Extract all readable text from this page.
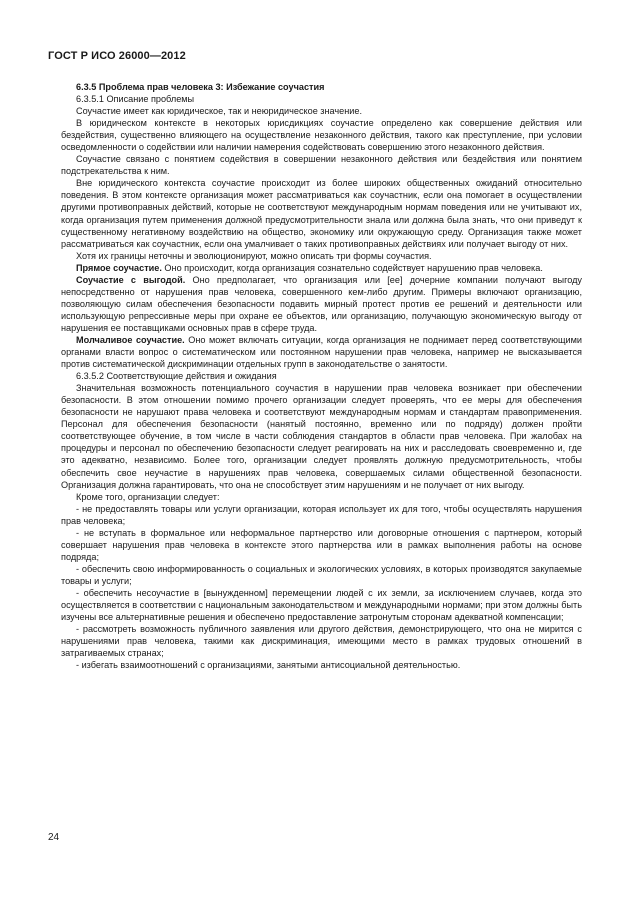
ГОСТ Р ИСО 26000—2012

6.3.5 Проблема прав человека 3: Избежание соучастия

6.3.5.1 Описание проблемы

Соучастие имеет как юридическое, так и неюридическое значение.

В юридическом контексте в некоторых юрисдикциях соучастие определено как совершение действия или бездействия, существенно влияющего на осуществление незаконного действия, такого как преступление, при условии осведомленности о содействии или наличии намерения содействовать совершению этого незаконного действия.

Соучастие связано с понятием содействия в совершении незаконного действия или бездействия или понятием подстрекательства к ним.

Вне юридического контекста соучастие происходит из более широких общественных ожиданий относительно поведения. В этом контексте организация может рассматриваться как соучастник, если она помогает в осуществлении другими противоправных действий, которые не соответствуют международным нормам поведения или не учитывают их, когда организация путем применения должной предусмотрительности знала или должна была знать, что они приведут к существенному негативному воздействию на общество, экономику или окружающую среду. Организация также может рассматриваться как соучастник, если она умалчивает о таких противоправных действиях или получает выгоду от них.

Хотя их границы неточны и эволюционируют, можно описать три формы соучастия.

Прямое соучастие. Оно происходит, когда организация сознательно содействует нарушению прав человека.

Соучастие с выгодой. Оно предполагает, что организация или [ее] дочерние компании получают выгоду непосредственно от нарушения прав человека, совершенного кем-либо другим. Примеры включают организацию, позволяющую силам обеспечения безопасности подавить мирный протест против ее решений и деятельности или использующую репрессивные меры при охране ее объектов, или организацию, получающую экономическую выгоду от нарушения ее поставщиками основных прав в сфере труда.

Молчаливое соучастие. Оно может включать ситуации, когда организация не поднимает перед соответствующими органами власти вопрос о систематическом или постоянном нарушении прав человека, например не высказывается против систематической дискриминации отдельных групп в законодательстве о занятости.

6.3.5.2 Соответствующие действия и ожидания

Значительная возможность потенциального соучастия в нарушении прав человека возникает при обеспечении безопасности. В этом отношении помимо прочего организации следует проверять, что ее меры для обеспечения безопасности не нарушают права человека и соответствуют международным нормам и стандартам правоприменения. Персонал для обеспечения безопасности (нанятый постоянно, временно или по подряду) должен пройти соответствующее обучение, в том числе в части соблюдения стандартов в области прав человека. При жалобах на процедуры и персонал по обеспечению безопасности следует реагировать на них и расследовать своевременно и, где это адекватно, независимо. Более того, организации следует проявлять должную предусмотрительность, чтобы обеспечить свое неучастие в нарушениях прав человека, совершаемых силами общественной безопасности. Организация должна гарантировать, что она не способствует этим нарушениям и не получает от них выгоду.

Кроме того, организации следует:

- не предоставлять товары или услуги организации, которая использует их для того, чтобы осуществлять нарушения прав человека;

- не вступать в формальное или неформальное партнерство или договорные отношения с партнером, который совершает нарушения прав человека в контексте этого партнерства или в рамках выполнения работы на основе подряда;

- обеспечить свою информированность о социальных и экологических условиях, в которых производятся закупаемые товары и услуги;

- обеспечить несоучастие в [вынужденном] перемещении людей с их земли, за исключением случаев, когда это осуществляется в соответствии с национальным законодательством и международными нормами; при этом должны быть изучены все альтернативные решения и обеспечено предоставление затронутым сторонам адекватной компенсации;

- рассмотреть возможность публичного заявления или другого действия, демонстрирующего, что она не мирится с нарушениями прав человека, такими как дискриминация, имеющими место в рамках трудовых отношений в затрагиваемых странах;

- избегать взаимоотношений с организациями, занятыми антисоциальной деятельностью.

24
